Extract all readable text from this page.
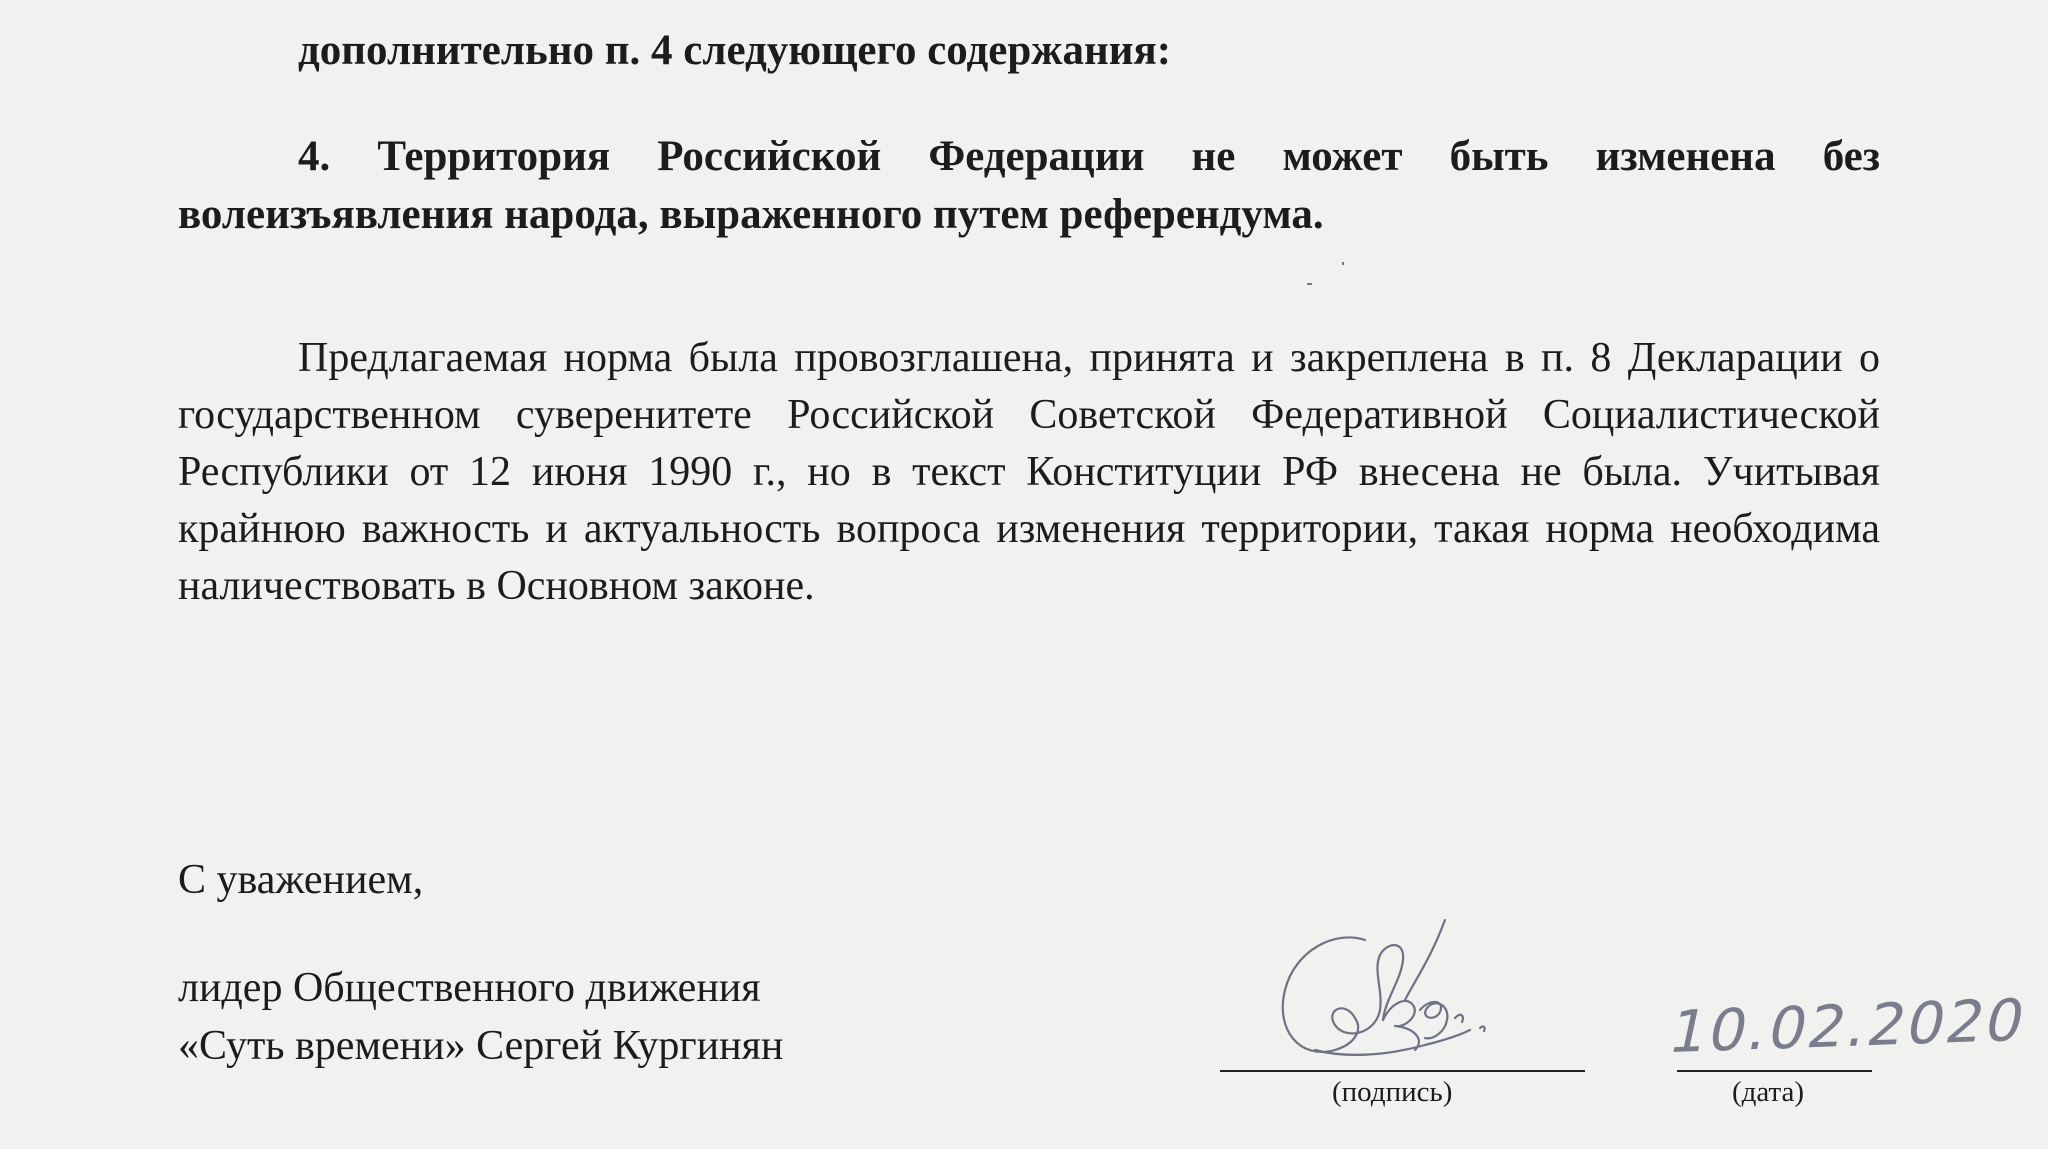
дополнительно п. 4 следующего содержания:
4. Территория Российской Федерации не может быть изменена без волеизъявления народа, выраженного путем референдума.
Предлагаемая норма была провозглашена, принята и закреплена в п. 8 Декларации о государственном суверенитете Российской Советской Федеративной Социалистической Республики от 12 июня 1990 г., но в текст Конституции РФ внесена не была. Учитывая крайнюю важность и актуальность вопроса изменения территории, такая норма необходима наличествовать в Основном законе.
С уважением,
лидер Общественного движения
«Суть времени» Сергей Кургинян
(подпись)
10.02.2020
(дата)
